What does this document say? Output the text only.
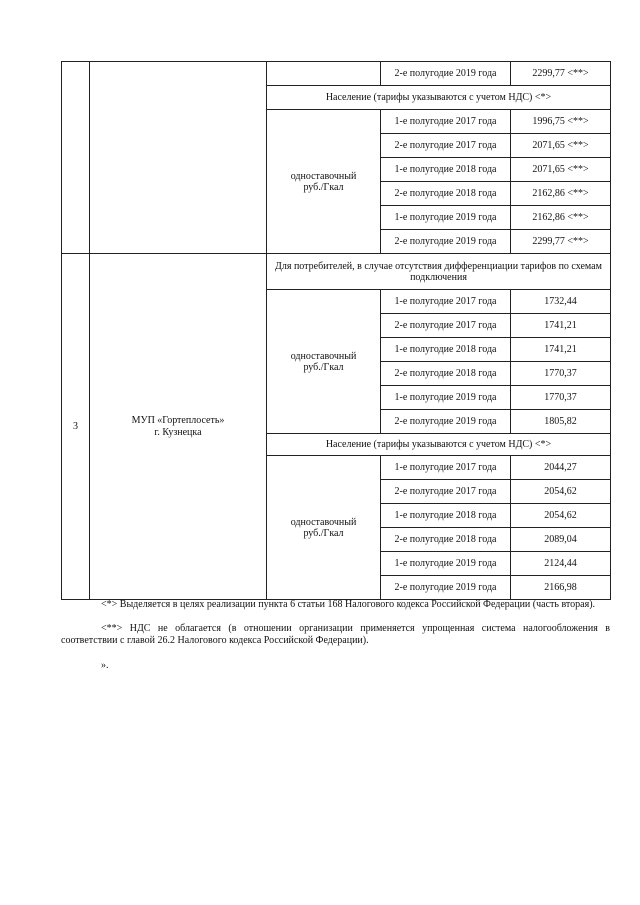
			2-е полугодие 2019 года	2299,77 <**>
		Население (тарифы указываются с учетом НДС) <*>		
		одноставочный
руб./Гкал	1-е полугодие 2017 года	1996,75 <**>
			2-е полугодие 2017 года	2071,65 <**>
			1-е полугодие 2018 года	2071,65 <**>
			2-е полугодие 2018 года	2162,86 <**>
			1-е полугодие 2019 года	2162,86 <**>
			2-е полугодие 2019 года	2299,77 <**>
3	МУП «Гортеплосеть»
г. Кузнецка	Для потребителей, в случае отсутствия дифференциации тарифов по схемам подключения		
		одноставочный
руб./Гкал	1-е полугодие 2017 года	1732,44
			2-е полугодие 2017 года	1741,21
			1-е полугодие 2018 года	1741,21
			2-е полугодие 2018 года	1770,37
			1-е полугодие 2019 года	1770,37
			2-е полугодие 2019 года	1805,82
		Население (тарифы указываются с учетом НДС) <*>		
		одноставочный
руб./Гкал	1-е полугодие 2017 года	2044,27
			2-е полугодие 2017 года	2054,62
			1-е полугодие 2018 года	2054,62
			2-е полугодие 2018 года	2089,04
			1-е полугодие 2019 года	2124,44
			2-е полугодие 2019 года	2166,98

<*> Выделяется в целях реализации пункта 6 статьи 168 Налогового кодекса Российской Федерации (часть вторая).

<**> НДС не облагается (в отношении организации применяется упрощенная система налогообложения в соответствии с главой 26.2 Налогового кодекса Российской Федерации).

».
